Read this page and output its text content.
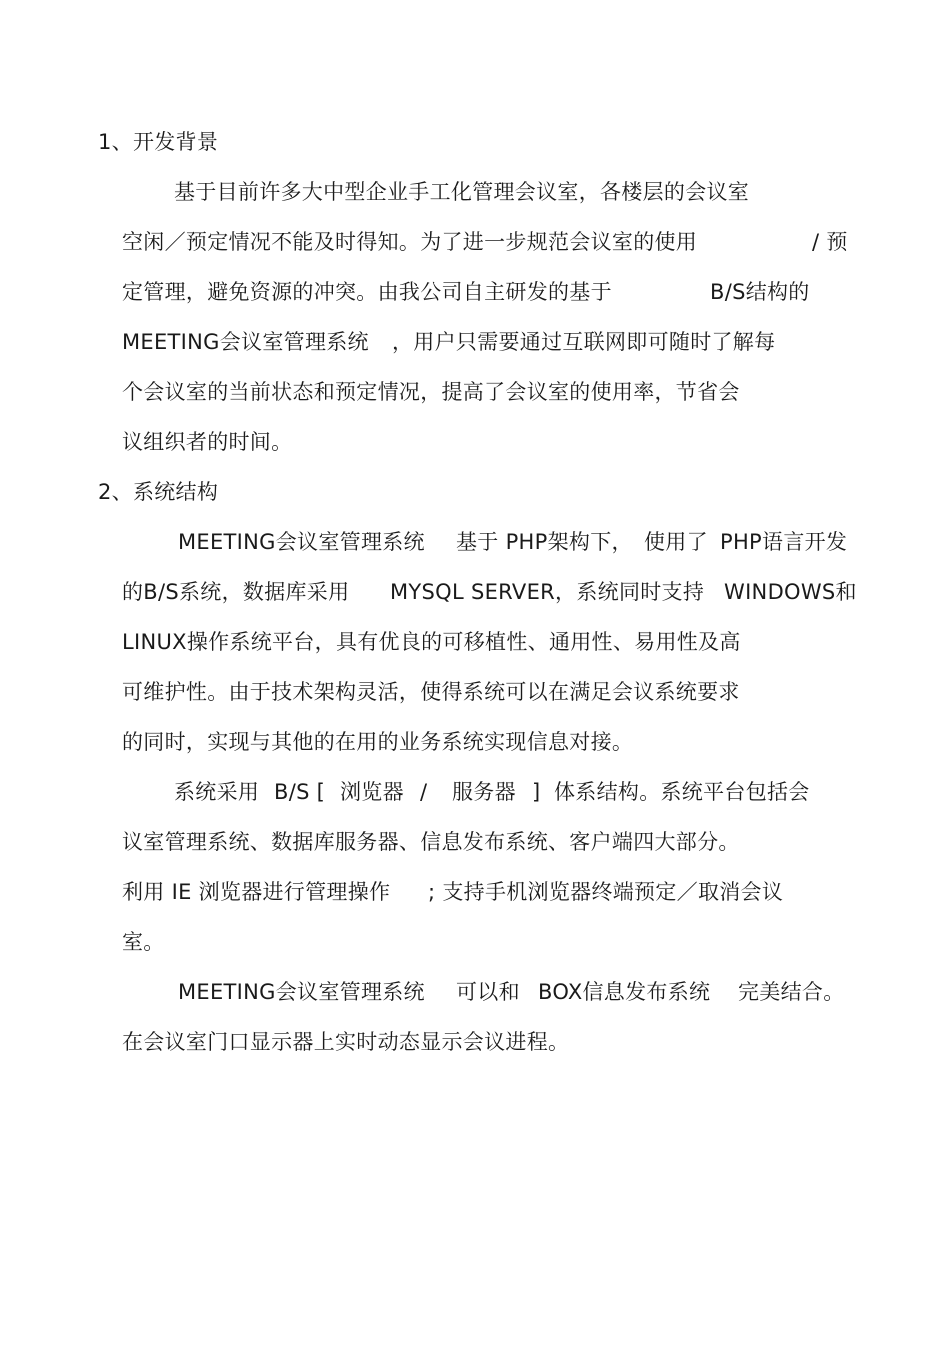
1、开发背景
基于目前许多大中型企业手工化管理会议室，各楼层的会议室
空闲／预定情况不能及时得知。为了进一步规范会议室的使用	/ 预
定管理，避免资源的冲突。由我公司自主研发的基于	B/S结构的
MEETING会议室管理系统 ，用户只需要通过互联网即可随时了解每
个会议室的当前状态和预定情况，提高了会议室的使用率，节省会
议组织者的时间。
2、系统结构
MEETING会议室管理系统 基于 PHP架构下， 使用了 PHP语言开发
的B/S系统，数据库采用 MYSQL SERVER，系统同时支持 WINDOWS和
LINUX操作系统平台，具有优良的可移植性、通用性、易用性及高
可维护性。由于技术架构灵活，使得系统可以在满足会议系统要求
的同时，实现与其他的在用的业务系统实现信息对接。
系统采用 B/S [ 浏览器 / 服务器 ] 体系结构。系统平台包括会
议室管理系统、数据库服务器、信息发布系统、客户端四大部分。
利用 IE 浏览器进行管理操作 ; 支持手机浏览器终端预定／取消会议
室。
MEETING会议室管理系统 可以和 BOX信息发布系统 完美结合。
在会议室门口显示器上实时动态显示会议进程。
